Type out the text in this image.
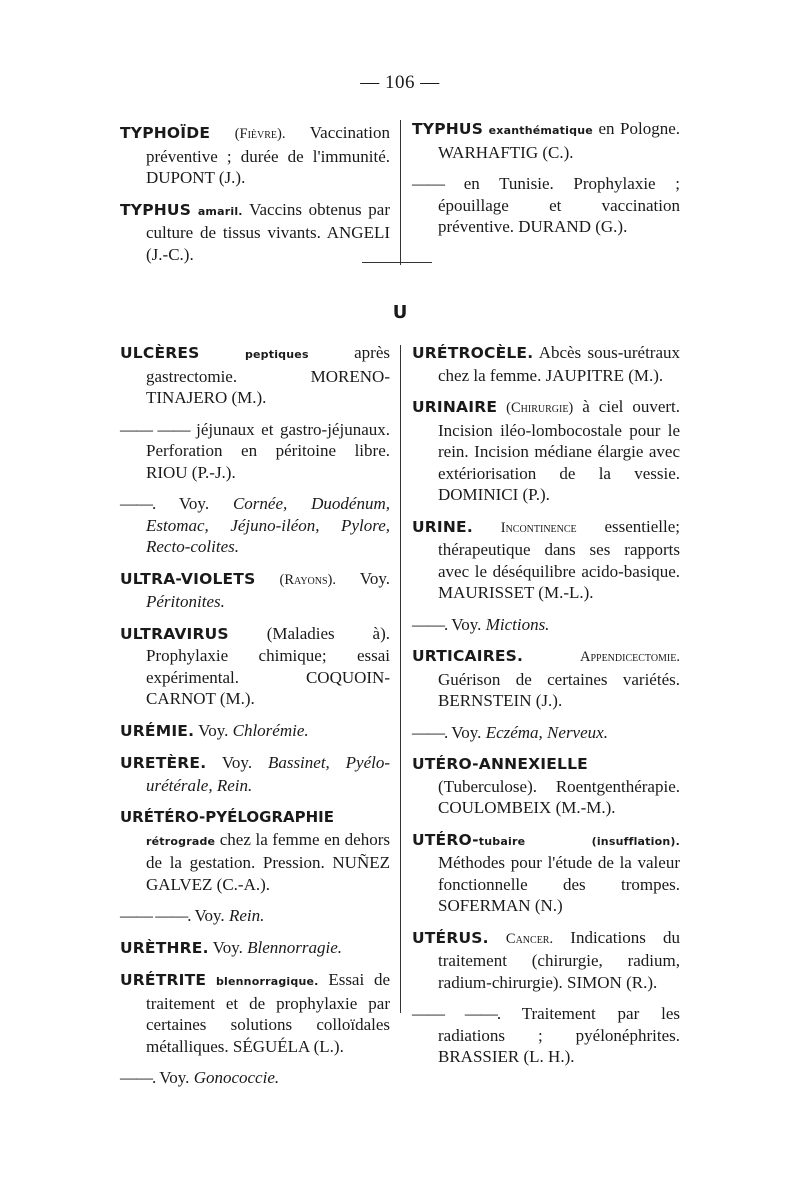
— 106 —

TYPHOÏDE (Fièvre). Vaccination préventive ; durée de l'immunité. DUPONT (J.).

TYPHUS amaril. Vaccins obtenus par culture de tissus vivants. ANGELI (J.-C.).

TYPHUS exanthématique en Pologne. WARHAFTIG (C.).

—— en Tunisie. Prophylaxie ; épouillage et vaccination préventive. DURAND (G.).

U

ULCÈRES	peptiques	après gastrectomie. MORENO-TINAJERO (M.).

—— —— jéjunaux et gastro-jéjunaux. Perforation en péritoine libre. RIOU (P.-J.).

——. Voy. Cornée, Duodénum, Estomac, Jéjuno-iléon, Pylore, Recto-colites.

ULTRA-VIOLETS (Rayons). Voy. Péritonites.

ULTRAVIRUS (Maladies à). Prophylaxie chimique; essai expérimental. COQUOIN-CARNOT (M.).

URÉMIE. Voy. Chlorémie.

URETÈRE. Voy. Bassinet, Pyélo-urétérale, Rein.

URÉTÉRO-PYÉLOGRAPHIE rétrograde chez la femme en dehors de la gestation. Pression. NUÑEZ GALVEZ (C.-A.).

—— ——. Voy. Rein.

URÈTHRE. Voy. Blennorragie.

URÉTRITE blennorragique. Essai de traitement et de prophylaxie par certaines solutions colloïdales métalliques. SÉGUÉLA (L.).

——. Voy. Gonococcie.

URÉTROCÈLE. Abcès sous-urétraux chez la femme. JAUPITRE (M.).

URINAIRE (Chirurgie) à ciel ouvert. Incision iléo-lombocostale pour le rein. Incision médiane élargie avec extériorisation de la vessie. DOMINICI (P.).

URINE. Incontinence essentielle; thérapeutique dans ses rapports avec le déséquilibre acido-basique. MAURISSET (M.-L.).

——. Voy. Mictions.

URTICAIRES.	Appendicectomie. Guérison de certaines variétés. BERNSTEIN (J.).

——. Voy. Eczéma, Nerveux.

UTÉRO-ANNEXIELLE (Tuberculose). Roentgenthérapie. COULOMBEIX (M.-M.).

UTÉRO-tubaire (insufflation). Méthodes pour l'étude de la valeur fonctionnelle des trompes. SOFERMAN (N.)

UTÉRUS. Cancer. Indications du traitement (chirurgie, radium, radium-chirurgie). SIMON (R.).

—— ——. Traitement par les radiations ; pyélonéphrites. BRASSIER (L. H.).
